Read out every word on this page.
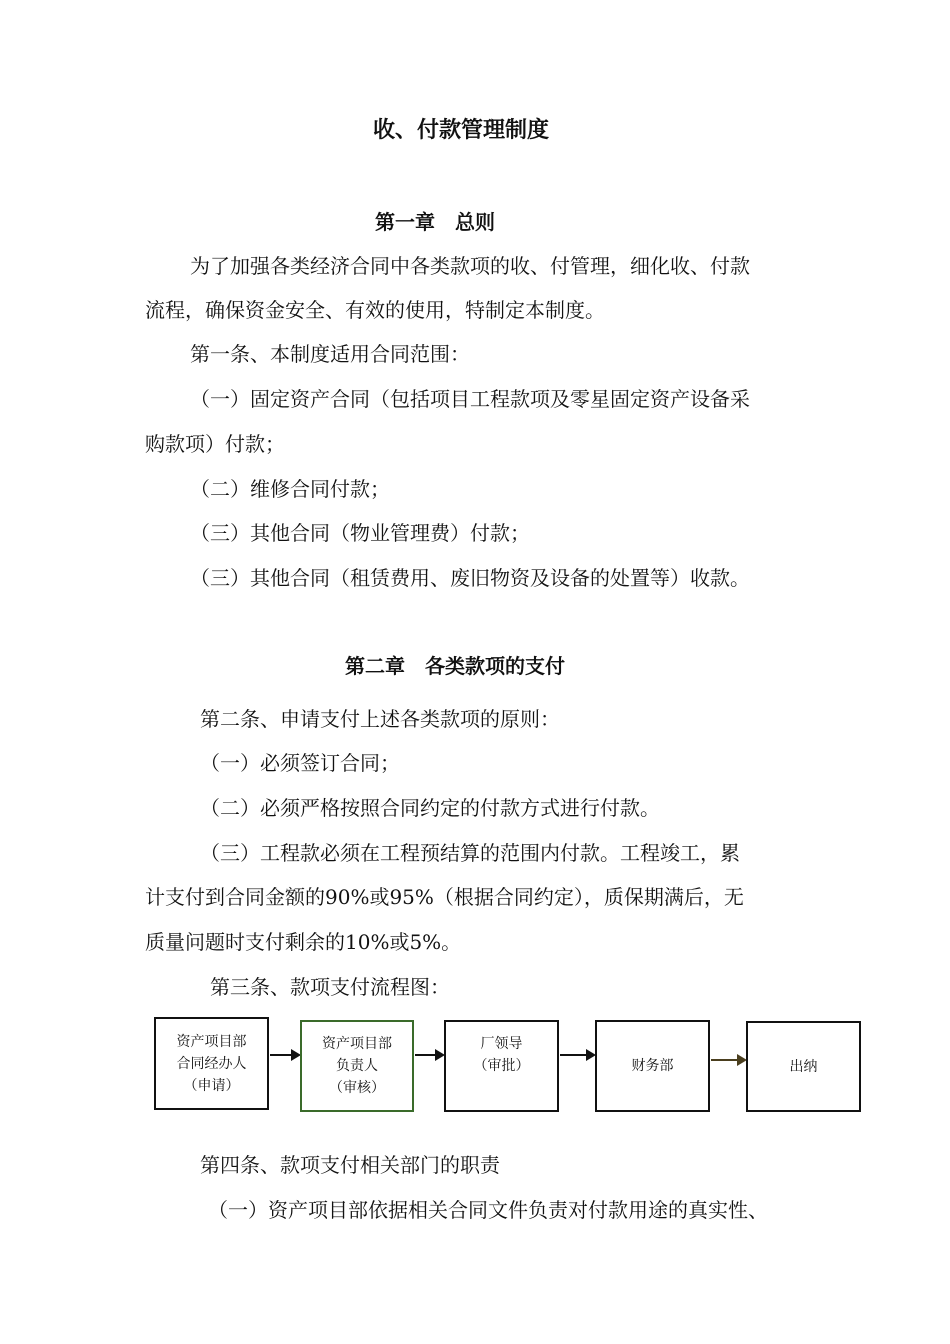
收、付款管理制度
第一章　总则
为了加强各类经济合同中各类款项的收、付管理，细化收、付款
流程，确保资金安全、有效的使用，特制定本制度。
第一条、本制度适用合同范围：
（一）固定资产合同（包括项目工程款项及零星固定资产设备采
购款项）付款；
（二）维修合同付款；
（三）其他合同（物业管理费）付款；
（三）其他合同（租赁费用、废旧物资及设备的处置等）收款。
第二章　各类款项的支付
第二条、申请支付上述各类款项的原则：
（一）必须签订合同；
（二）必须严格按照合同约定的付款方式进行付款。
（三）工程款必须在工程预结算的范围内付款。工程竣工，累
计支付到合同金额的90%或95%（根据合同约定），质保期满后，无
质量问题时支付剩余的10%或5%。
第三条、款项支付流程图：
资产项目部
合同经办人
（申请）
资产项目部
负责人
（审核）
厂领导
（审批）	财务部	出纳
第四条、款项支付相关部门的职责
（一）资产项目部依据相关合同文件负责对付款用途的真实性、
